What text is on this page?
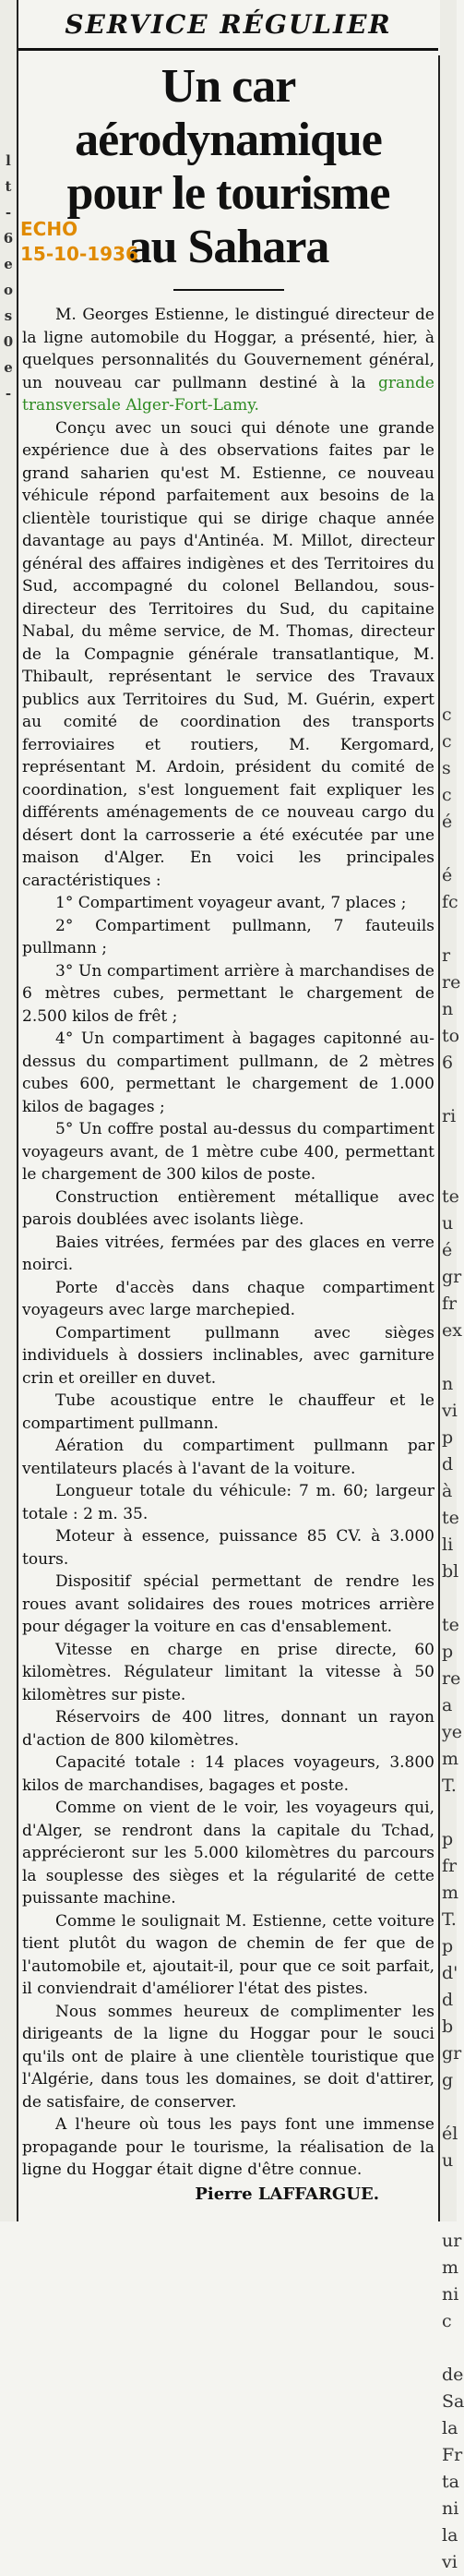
l
t
-
6
e
o
s
0
e
-
c
c
s
c
é

é
fc

r
re
n
to
6

ri

te
u
é
gr
fr
ex

n
vi
p
d
à
te
li
bl

te
p
re
a
ye
m
T.

p
fr
m
T.
p
d'
d
b
gr
g

él
u

ur
m
ni
c

de
Sa
la
Fr
ta
ni
la
vi
SERVICE RÉGULIER
Un car aérodynamique
pour le tourisme
ECHO
15-10-1936
au Sahara

M. Georges Estienne, le distingué directeur de la ligne automobile du Hoggar, a présenté, hier, à quelques personnalités du Gouvernement général, un nouveau car pullmann destiné à la grande transversale Alger-Fort-Lamy.

Conçu avec un souci qui dénote une grande expérience due à des observations faites par le grand saharien qu'est M. Estienne, ce nouveau véhicule répond parfaitement aux besoins de la clientèle touristique qui se dirige chaque année davantage au pays d'Antinéa. M. Millot, directeur général des affaires indigènes et des Territoires du Sud, accompagné du colonel Bellandou, sous-directeur des Territoires du Sud, du capitaine Nabal, du même service, de M. Thomas, directeur de la Compagnie générale transatlantique, M. Thibault, représentant le service des Travaux publics aux Territoires du Sud, M. Guérin, expert au comité de coordination des transports ferroviaires et routiers, M. Kergomard, représentant M. Ardoin, président du comité de coordination, s'est longuement fait expliquer les différents aménagements de ce nouveau cargo du désert dont la carrosserie a été exécutée par une maison d'Alger. En voici les principales caractéristiques :

1° Compartiment voyageur avant, 7 places ;

2° Compartiment pullmann, 7 fauteuils pullmann ;

3° Un compartiment arrière à marchandises de 6 mètres cubes, permettant le chargement de 2.500 kilos de frêt ;

4° Un compartiment à bagages capitonné au-dessus du compartiment pullmann, de 2 mètres cubes 600, permettant le chargement de 1.000 kilos de bagages ;

5° Un coffre postal au-dessus du compartiment voyageurs avant, de 1 mètre cube 400, permettant le chargement de 300 kilos de poste.

Construction entièrement métallique avec parois doublées avec isolants liège.

Baies vitrées, fermées par des glaces en verre noirci.

Porte d'accès dans chaque compartiment voyageurs avec large marchepied.

Compartiment pullmann avec sièges individuels à dossiers inclinables, avec garniture crin et oreiller en duvet.

Tube acoustique entre le chauffeur et le compartiment pullmann.

Aération du compartiment pullmann par ventilateurs placés à l'avant de la voiture.

Longueur totale du véhicule: 7 m. 60; largeur totale : 2 m. 35.

Moteur à essence, puissance 85 CV. à 3.000 tours.

Dispositif spécial permettant de rendre les roues avant solidaires des roues motrices arrière pour dégager la voiture en cas d'ensablement.

Vitesse en charge en prise directe, 60 kilomètres. Régulateur limitant la vitesse à 50 kilomètres sur piste.

Réservoirs de 400 litres, donnant un rayon d'action de 800 kilomètres.

Capacité totale : 14 places voyageurs, 3.800 kilos de marchandises, bagages et poste.

Comme on vient de le voir, les voyageurs qui, d'Alger, se rendront dans la capitale du Tchad, apprécieront sur les 5.000 kilomètres du parcours la souplesse des sièges et la régularité de cette puissante machine.

Comme le soulignait M. Estienne, cette voiture tient plutôt du wagon de chemin de fer que de l'automobile et, ajoutait-il, pour que ce soit parfait, il conviendrait d'améliorer l'état des pistes.

Nous sommes heureux de complimenter les dirigeants de la ligne du Hoggar pour le souci qu'ils ont de plaire à une clientèle touristique que l'Algérie, dans tous les domaines, se doit d'attirer, de satisfaire, de conserver.

A l'heure où tous les pays font une immense propagande pour le tourisme, la réalisation de la ligne du Hoggar était digne d'être connue.

Pierre LAFFARGUE.
